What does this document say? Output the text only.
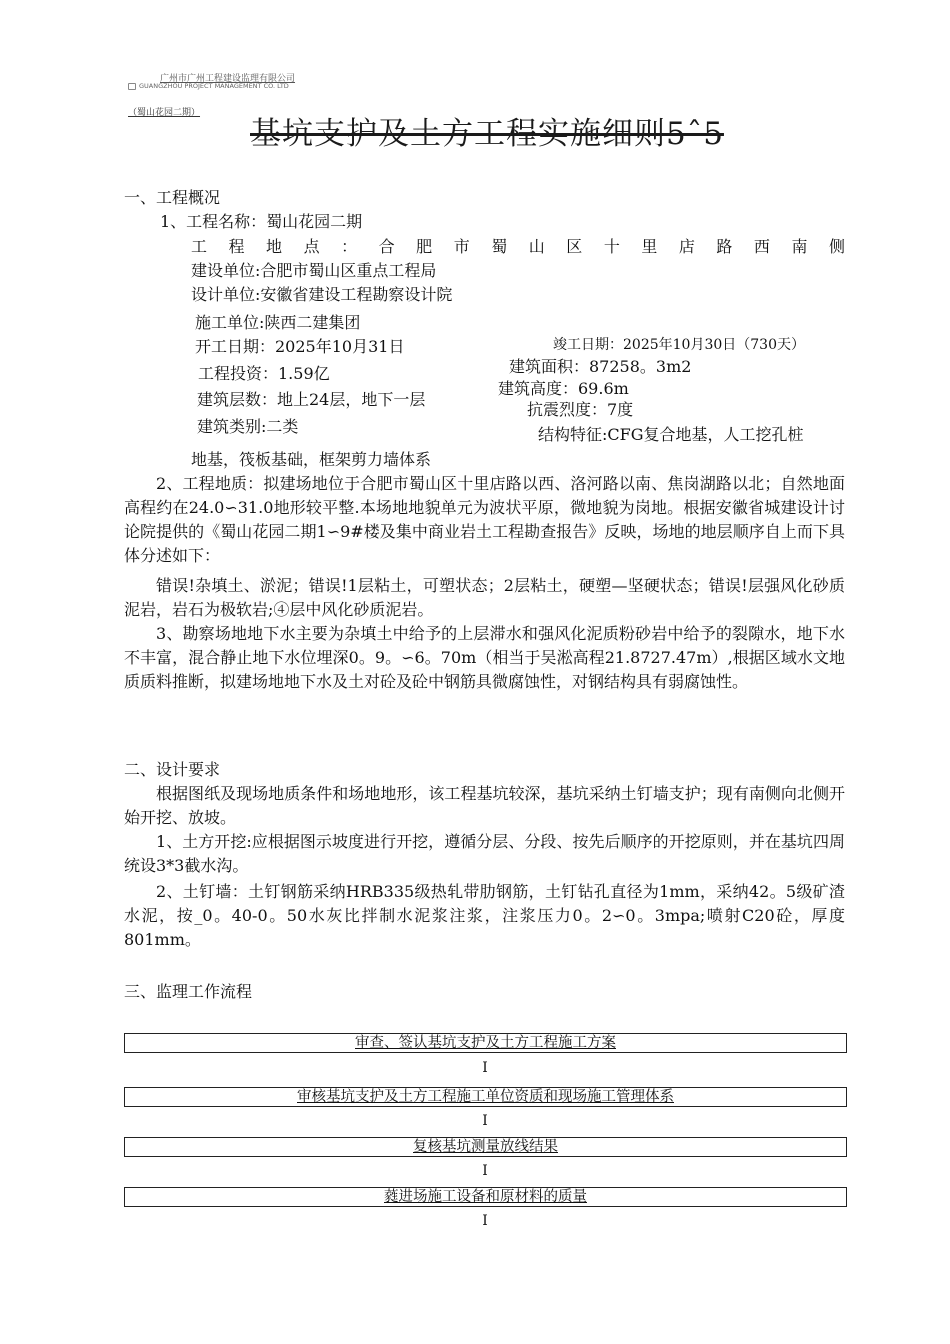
广州市广州工程建设监理有限公司
GUANGZHOU PROJECT MANAGEMENT CO. LTD
（蜀山花园二期）
基坑支护及土方工程实施细则5ˆ5
一、工程概况
1、工程名称：蜀山花园二期
工程地点：合肥市蜀山区十里店路西南侧
建设单位:合肥市蜀山区重点工程局
设计单位:安徽省建设工程勘察设计院
施工单位:陕西二建集团
开工日期：2025年10月31日	竣工日期：2025年10月30日（730天）
工程投资：1.59亿	建筑面积：87258。3m2
建筑高度：69.6m
建筑层数：地上24层，地下一层
抗震烈度：7度
建筑类别:二类	结构特征:CFG复合地基，人工挖孔桩
地基，筏板基础，框架剪力墙体系
2、工程地质：拟建场地位于合肥市蜀山区十里店路以西、洛河路以南、焦岗湖路以北；自然地面高程约在24.0∽31.0地形较平整.本场地地貌单元为波状平原，微地貌为岗地。根据安徽省城建设计讨论院提供的《蜀山花园二期1∽9#楼及集中商业岩土工程勘查报告》反映，场地的地层顺序自上而下具体分述如下：
错误!杂填土、淤泥；错误!1层粘土，可塑状态；2层粘土，硬塑—坚硬状态；错误!层强风化砂质泥岩，岩石为极软岩;④层中风化砂质泥岩。
3、勘察场地地下水主要为杂填土中给予的上层滞水和强风化泥质粉砂岩中给予的裂隙水，地下水不丰富，混合静止地下水位埋深0。9。∽6。70m（相当于吴淞高程21.8727.47m）,根据区域水文地质质料推断，拟建场地地下水及土对砼及砼中钢筋具微腐蚀性，对钢结构具有弱腐蚀性。
二、设计要求
根据图纸及现场地质条件和场地地形，该工程基坑较深，基坑采纳土钉墙支护；现有南侧向北侧开始开挖、放坡。
1、土方开挖:应根据图示坡度进行开挖，遵循分层、分段、按先后顺序的开挖原则，并在基坑四周统设3*3截水沟。
2、土钉墙：土钉钢筋采纳HRB335级热轧带肋钢筋，土钉钻孔直径为1mm，采纳42。5级矿渣水泥，按_0。40-0。50水灰比拌制水泥浆注浆，注浆压力0。2∽0。3mpa;喷射C20砼，厚度801mm。
三、监理工作流程
审查、签认基坑支护及土方工程施工方案
I
审核基坑支护及土方工程施工单位资质和现场施工管理体系
I
复核基坑测量放线结果
I
蕤进场施工设备和原材料的质量
I
